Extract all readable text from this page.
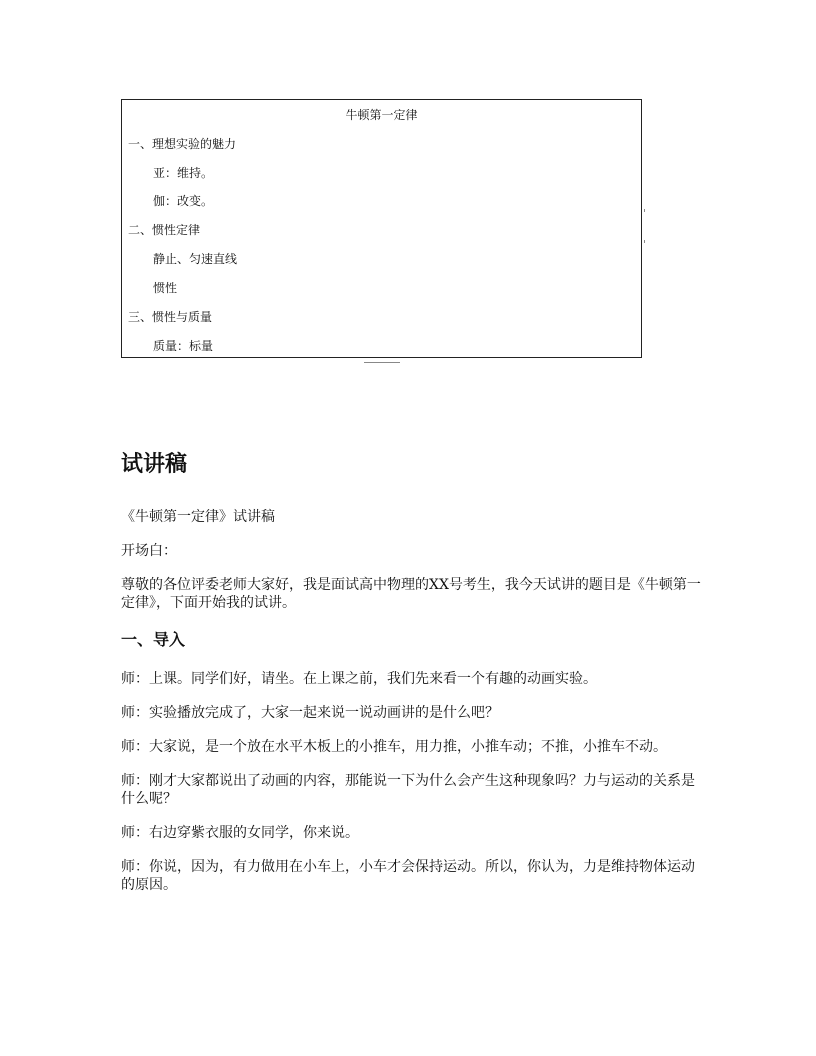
牛顿第一定律
一、理想实验的魅力
亚：维持。
伽：改变。
二、惯性定律
静止、匀速直线
惯性
三、惯性与质量
质量：标量
试讲稿
《牛顿第一定律》试讲稿
开场白：
尊敬的各位评委老师大家好，我是面试高中物理的XX号考生，我今天试讲的题目是《牛顿第一定律》，下面开始我的试讲。
一、导入
师：上课。同学们好，请坐。在上课之前，我们先来看一个有趣的动画实验。
师：实验播放完成了，大家一起来说一说动画讲的是什么吧？
师：大家说，是一个放在水平木板上的小推车，用力推，小推车动；不推，小推车不动。
师：刚才大家都说出了动画的内容，那能说一下为什么会产生这种现象吗？力与运动的关系是什么呢？
师：右边穿紫衣服的女同学，你来说。
师：你说，因为，有力做用在小车上，小车才会保持运动。所以，你认为，力是维持物体运动的原因。
